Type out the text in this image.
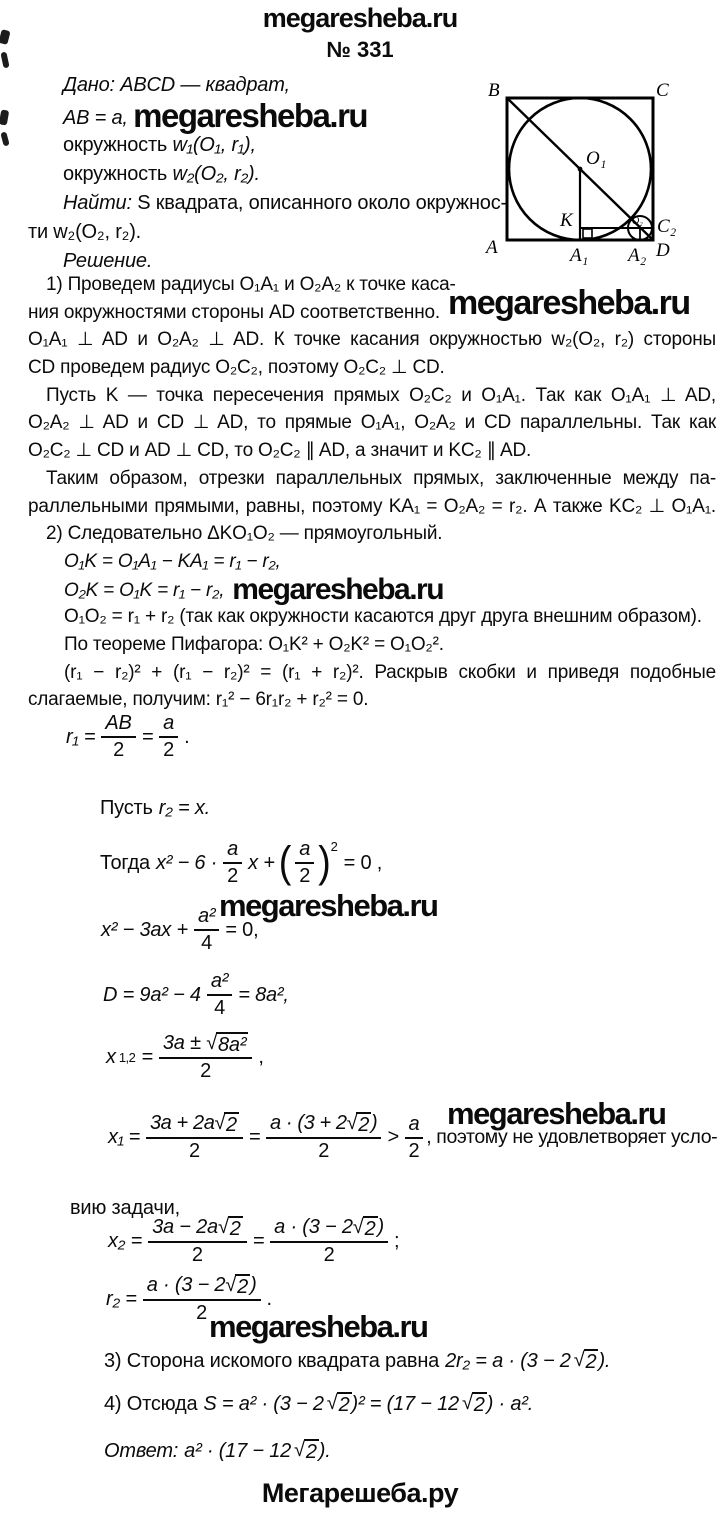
megaresheba.ru
№ 331
Дано: ABCD — квадрат,
AB = a, megaresheba.ru
окружность w₁(O₁, r₁),
окружность w₂(O₂, r₂).
Найти: S квадрата, описанного около окружнос-
ти w₂(O₂, r₂).
Решение.
B	C
O₁
K	O₂ C₂
A	A₁ A₂ D
megaresheba.ru
1) Проведем радиусы O₁A₁ и O₂A₂ к точке каса-
ния окружностями стороны AD соответственно.
O₁A₁ ⊥ AD и O₂A₂ ⊥ AD. К точке касания окружностью w₂(O₂, r₂) стороны
CD проведем радиус O₂C₂, поэтому O₂C₂ ⊥ CD.
Пусть K — точка пересечения прямых O₂C₂ и O₁A₁. Так как O₁A₁ ⊥ AD,
O₂A₂ ⊥ AD и CD ⊥ AD, то прямые O₁A₁, O₂A₂ и CD параллельны. Так как
O₂C₂ ⊥ CD и AD ⊥ CD, то O₂C₂ ∥ AD, а значит и KC₂ ∥ AD.
Таким образом, отрезки параллельных прямых, заключенные между па-
раллельными прямыми, равны, поэтому KA₁ = O₂A₂ = r₂. А также KC₂ ⊥ O₁A₁.
2) Следовательно ΔKO₁O₂ — прямоугольный.
O₁K = O₁A₁ − KA₁ = r₁ − r₂,
O₂K = O₁K = r₁ − r₂, megaresheba.ru
O₁O₂ = r₁ + r₂ (так как окружности касаются друг друга внешним образом).
По теореме Пифагора: O₁K² + O₂K² = O₁O₂².
(r₁ − r₂)² + (r₁ − r₂)² = (r₁ + r₂)². Раскрыв скобки и приведя подобные
слагаемые, получим: r₁² − 6r₁r₂ + r₂² = 0.
$r_1 = \frac{AB}{2} = \frac{a}{2}$ .
Пусть r₂ = x.
Тогда x² − 6 ·
a
2
x + ( a
2 ) 2
= 0 ,
megaresheba.ru
$x^2 - 3ax + \frac{\text{a²}}{4} = 0$,
$D = 9a^2 - 4 \frac{\text{a²}}{4} = 8a^2$,
x $1,2 = \frac{\text{3a ± √ 8a²}}{2}$ ,
megaresheba.ru
$x_1 = \frac{3a + 2a √ 2}{2} = \frac{a \cdot (3 + 2 √ 2 )}{2}$ >
a
2
, поэтому не удовлетворяет усло-
вию задачи,
$x_2 = \frac{3a - 2a √ 2}{2} = \frac{a \cdot (3 - 2 √ 2 )}{2}$ ;
$r_2 = \frac{a \cdot (3 - 2 √ 2 )}{2}$ .
megaresheba.ru
3) Сторона искомого квадрата равна 2r₂ = a · (3 − 2 √ 2 ).
4) Отсюда S = a² · (3 − 2 √ 2 )² = (17 − 12 √ 2 ) · a².
Ответ: a² · (17 − 12 √ 2 ).
Мегарешеба.ру
